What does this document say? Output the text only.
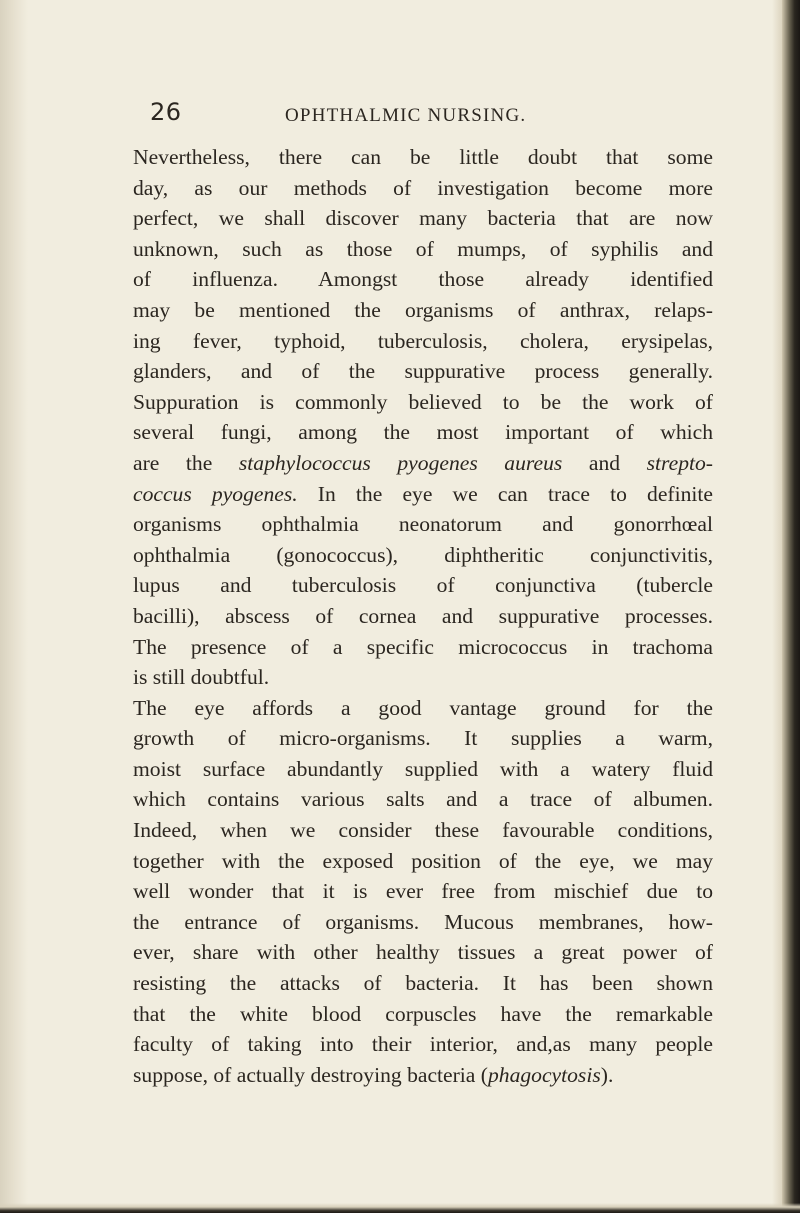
26	OPHTHALMIC NURSING.
Nevertheless, there can be little doubt that some
day, as our methods of investigation become more
perfect, we shall discover many bacteria that are now
unknown, such as those of mumps, of syphilis and
of influenza. Amongst those already identified
may be mentioned the organisms of anthrax, relaps-
ing fever, typhoid, tuberculosis, cholera, erysipelas,
glanders, and of the suppurative process generally.
Suppuration is commonly believed to be the work of
several fungi, among the most important of which
are the staphylococcus pyogenes aureus and strepto-
coccus pyogenes. In the eye we can trace to definite
organisms ophthalmia neonatorum and gonorrhœal
ophthalmia (gonococcus), diphtheritic conjunctivitis,
lupus and tuberculosis of conjunctiva (tubercle
bacilli), abscess of cornea and suppurative processes.
The presence of a specific micrococcus in trachoma
is still doubtful.
The eye affords a good vantage ground for the
growth of micro-organisms. It supplies a warm,
moist surface abundantly supplied with a watery fluid
which contains various salts and a trace of albumen.
Indeed, when we consider these favourable conditions,
together with the exposed position of the eye, we may
well wonder that it is ever free from mischief due to
the entrance of organisms. Mucous membranes, how-
ever, share with other healthy tissues a great power of
resisting the attacks of bacteria. It has been shown
that the white blood corpuscles have the remarkable
faculty of taking into their interior, and,as many people
suppose, of actually destroying bacteria (phagocytosis).
